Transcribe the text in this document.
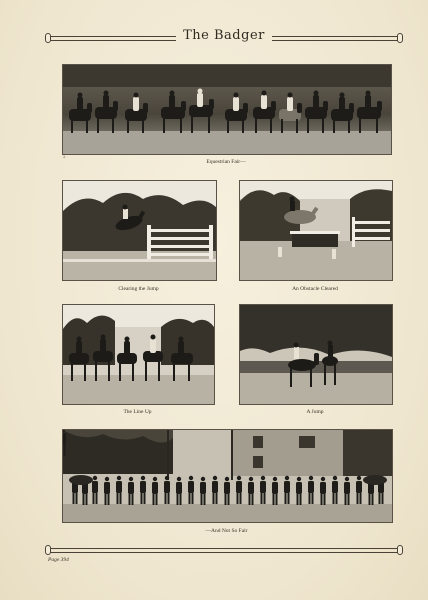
The Badger
2
Equestrian Fair—
Clearing the Jump	An Obstacle Cleared
The Line Up	A Jump
—And Not So Fair
Page 394
